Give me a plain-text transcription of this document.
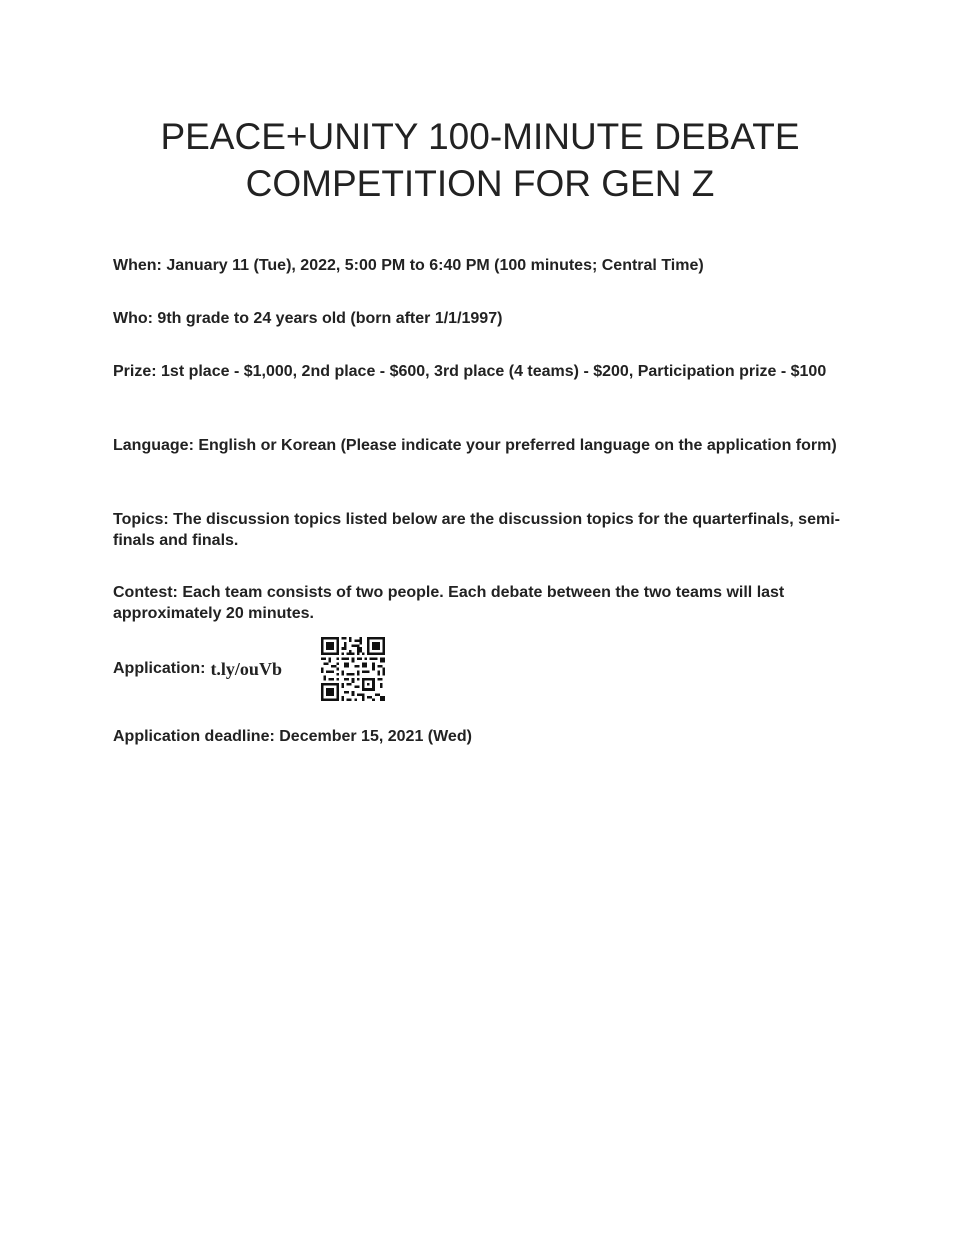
PEACE+UNITY 100-MINUTE DEBATE
COMPETITION FOR GEN Z

When: January 11 (Tue), 2022, 5:00 PM to 6:40 PM (100 minutes; Central Time)

Who: 9th grade to 24 years old (born after 1/1/1997)

Prize: 1st place - $1,000, 2nd place - $600, 3rd place (4 teams) - $200, Participation prize - $100

Language: English or Korean (Please indicate your preferred language on the application form)

Topics: The discussion topics listed below are the discussion topics for the quarterfinals, semi-finals and finals.

Contest: Each team consists of two people. Each debate between the two teams will last approximately 20 minutes.

Application: t.ly/ouVb

Application deadline: December 15, 2021 (Wed)
